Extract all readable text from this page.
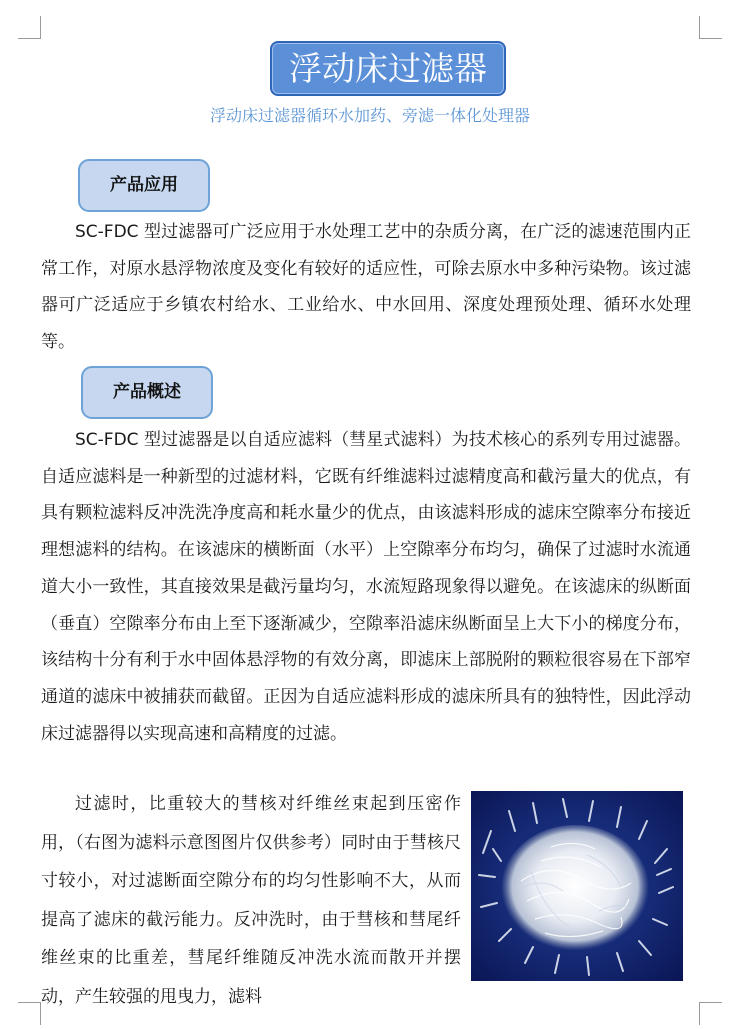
浮动床过滤器
浮动床过滤器循环水加药、旁滤一体化处理器
产品应用

SC-FDC 型过滤器可广泛应用于水处理工艺中的杂质分离，在广泛的滤速范围内正常工作，对原水悬浮物浓度及变化有较好的适应性，可除去原水中多种污染物。该过滤器可广泛适应于乡镇农村给水、工业给水、中水回用、深度处理预处理、循环水处理等。

产品概述

SC-FDC 型过滤器是以自适应滤料（彗星式滤料）为技术核心的系列专用过滤器。自适应滤料是一种新型的过滤材料，它既有纤维滤料过滤精度高和截污量大的优点，有具有颗粒滤料反冲洗洗净度高和耗水量少的优点，由该滤料形成的滤床空隙率分布接近理想滤料的结构。在该滤床的横断面（水平）上空隙率分布均匀，确保了过滤时水流通道大小一致性，其直接效果是截污量均匀，水流短路现象得以避免。在该滤床的纵断面（垂直）空隙率分布由上至下逐渐减少，空隙率沿滤床纵断面呈上大下小的梯度分布，该结构十分有利于水中固体悬浮物的有效分离，即滤床上部脱附的颗粒很容易在下部窄通道的滤床中被捕获而截留。正因为自适应滤料形成的滤床所具有的独特性，因此浮动床过滤器得以实现高速和高精度的过滤。

过滤时，比重较大的彗核对纤维丝束起到压密作用，（右图为滤料示意图图片仅供参考）同时由于彗核尺寸较小，对过滤断面空隙分布的均匀性影响不大，从而提高了滤床的截污能力。反冲洗时，由于彗核和彗尾纤维丝束的比重差，彗尾纤维随反冲洗水流而散开并摆动，产生较强的甩曳力，滤料
